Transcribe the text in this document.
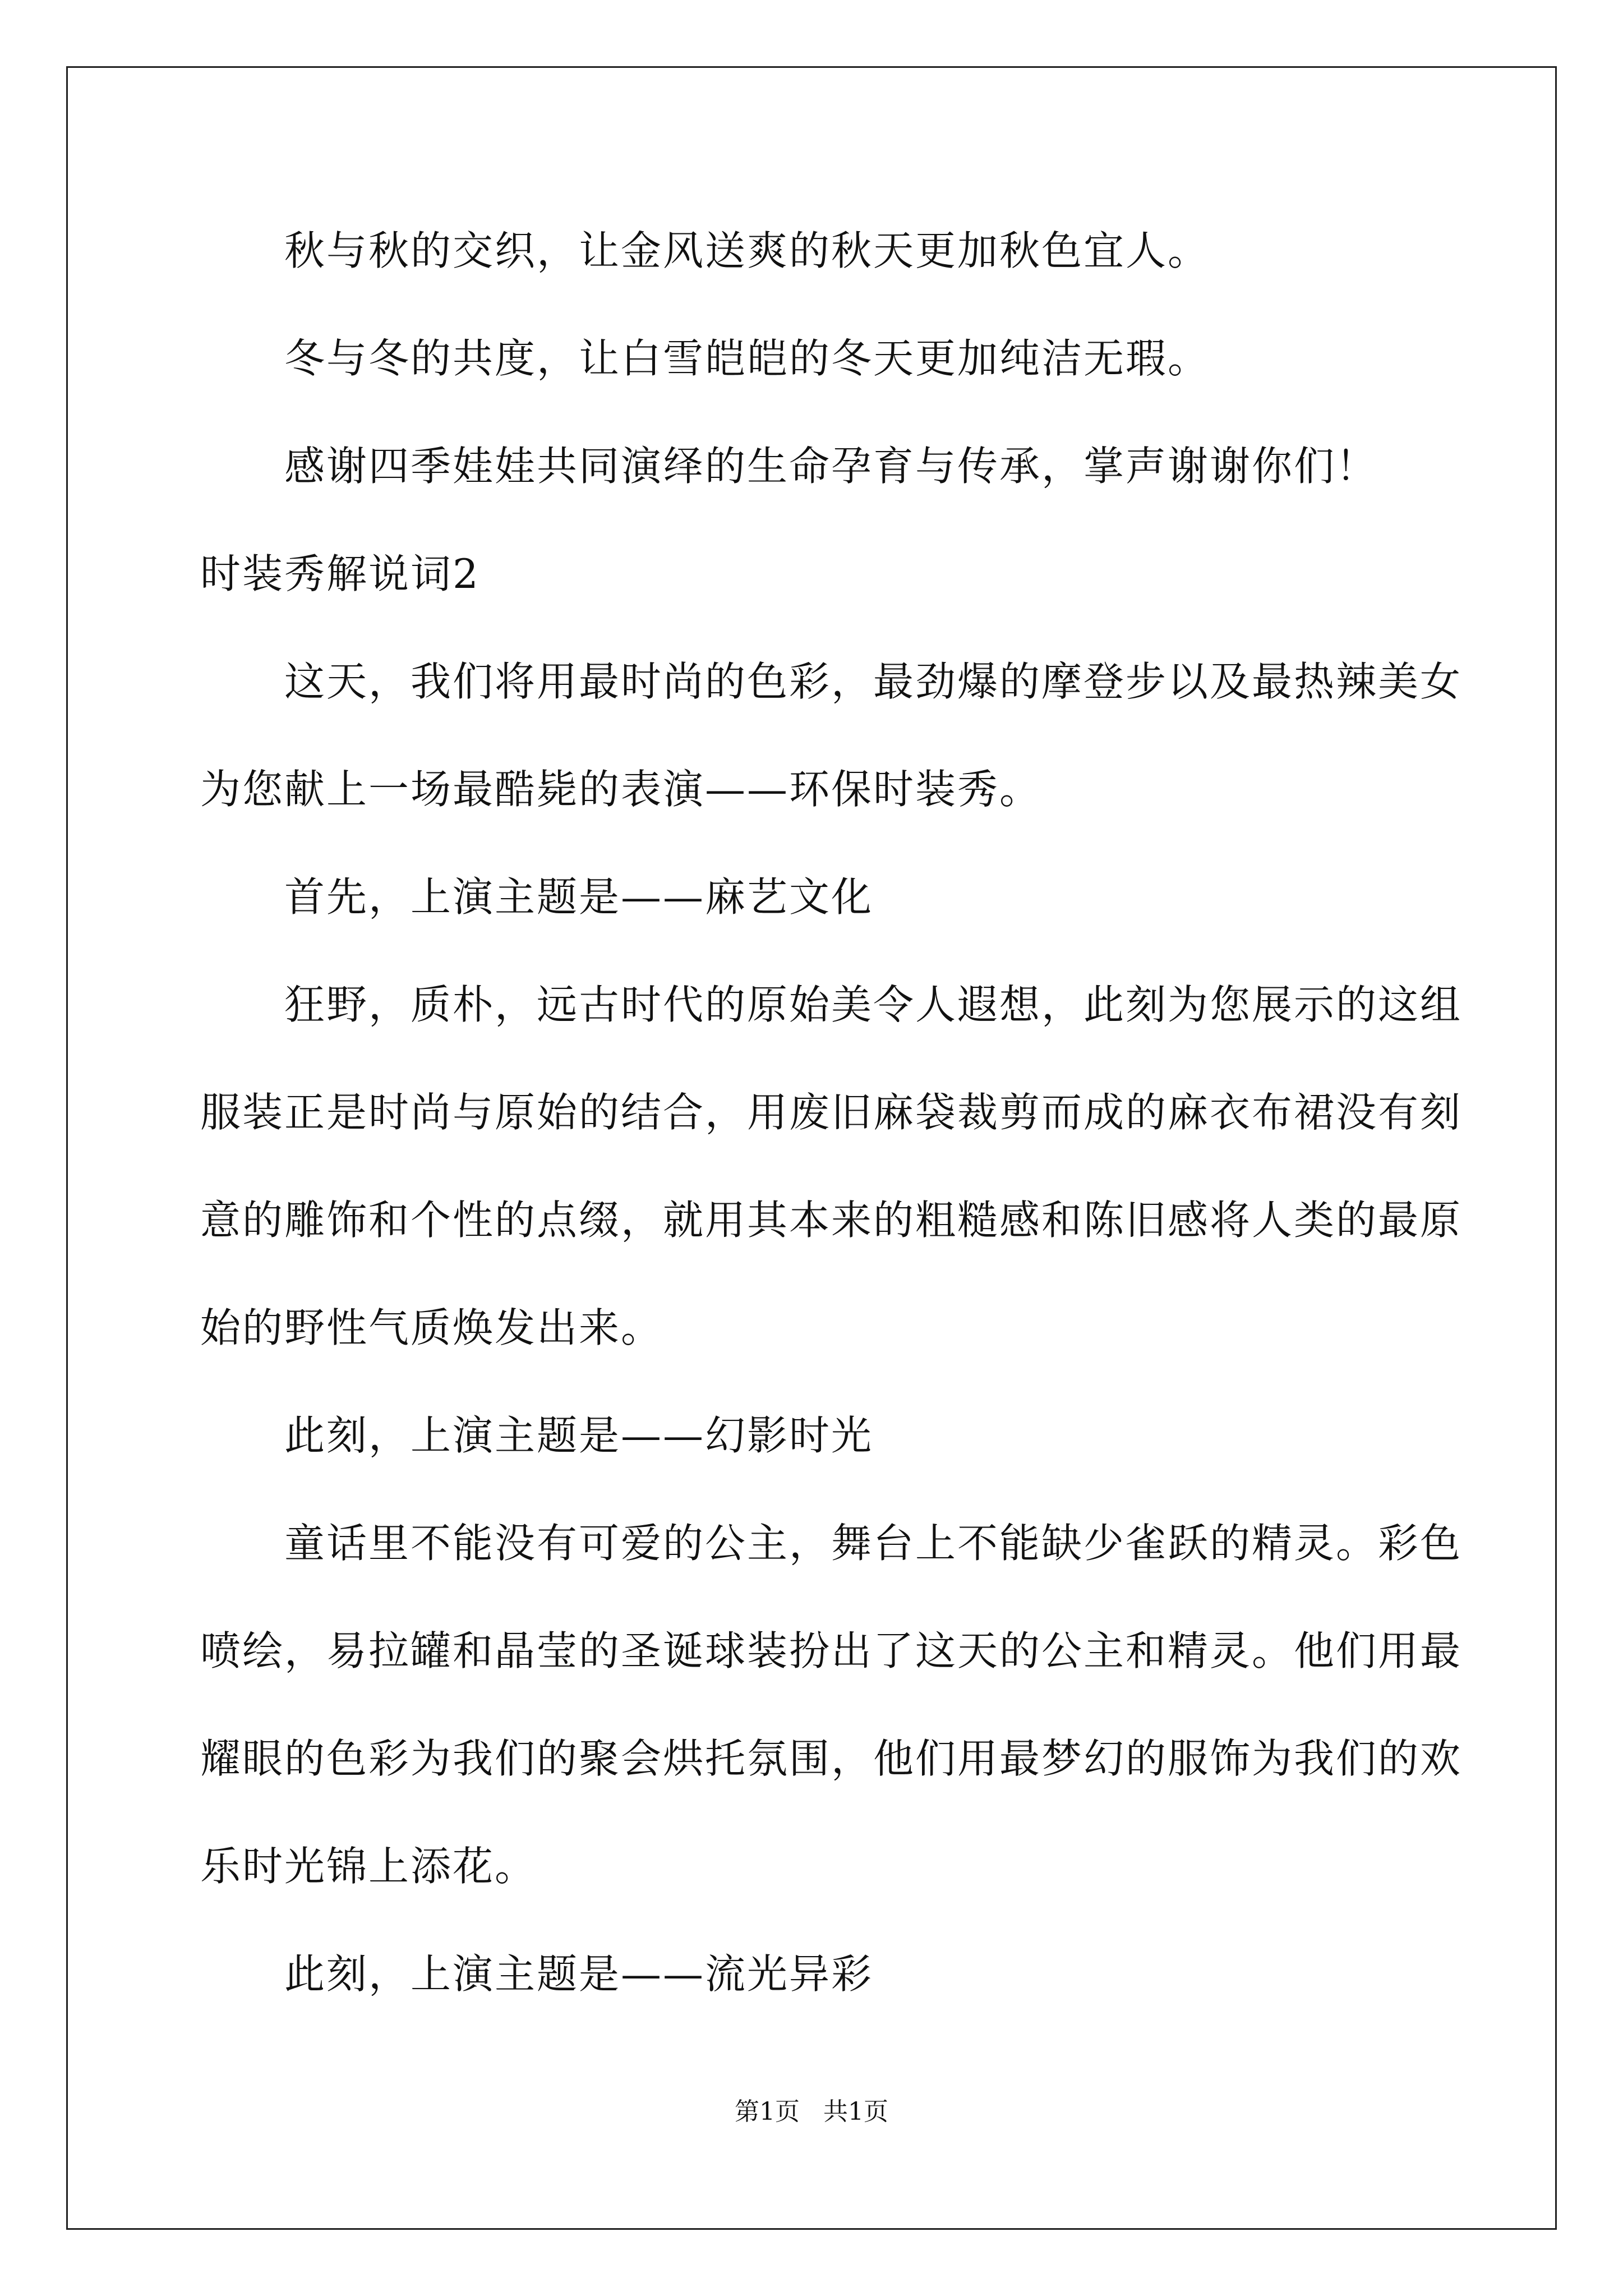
秋与秋的交织，让金风送爽的秋天更加秋色宜人。
冬与冬的共度，让白雪皑皑的冬天更加纯洁无瑕。
感谢四季娃娃共同演绎的生命孕育与传承，掌声谢谢你们！
时装秀解说词2
这天，我们将用最时尚的色彩，最劲爆的摩登步以及最热辣美女
为您献上一场最酷毙的表演——环保时装秀。
首先，上演主题是——麻艺文化
狂野，质朴，远古时代的原始美令人遐想，此刻为您展示的这组
服装正是时尚与原始的结合，用废旧麻袋裁剪而成的麻衣布裙没有刻
意的雕饰和个性的点缀，就用其本来的粗糙感和陈旧感将人类的最原
始的野性气质焕发出来。
此刻，上演主题是——幻影时光
童话里不能没有可爱的公主，舞台上不能缺少雀跃的精灵。彩色
喷绘，易拉罐和晶莹的圣诞球装扮出了这天的公主和精灵。他们用最
耀眼的色彩为我们的聚会烘托氛围，他们用最梦幻的服饰为我们的欢
乐时光锦上添花。
此刻，上演主题是——流光异彩
第1页   共1页
